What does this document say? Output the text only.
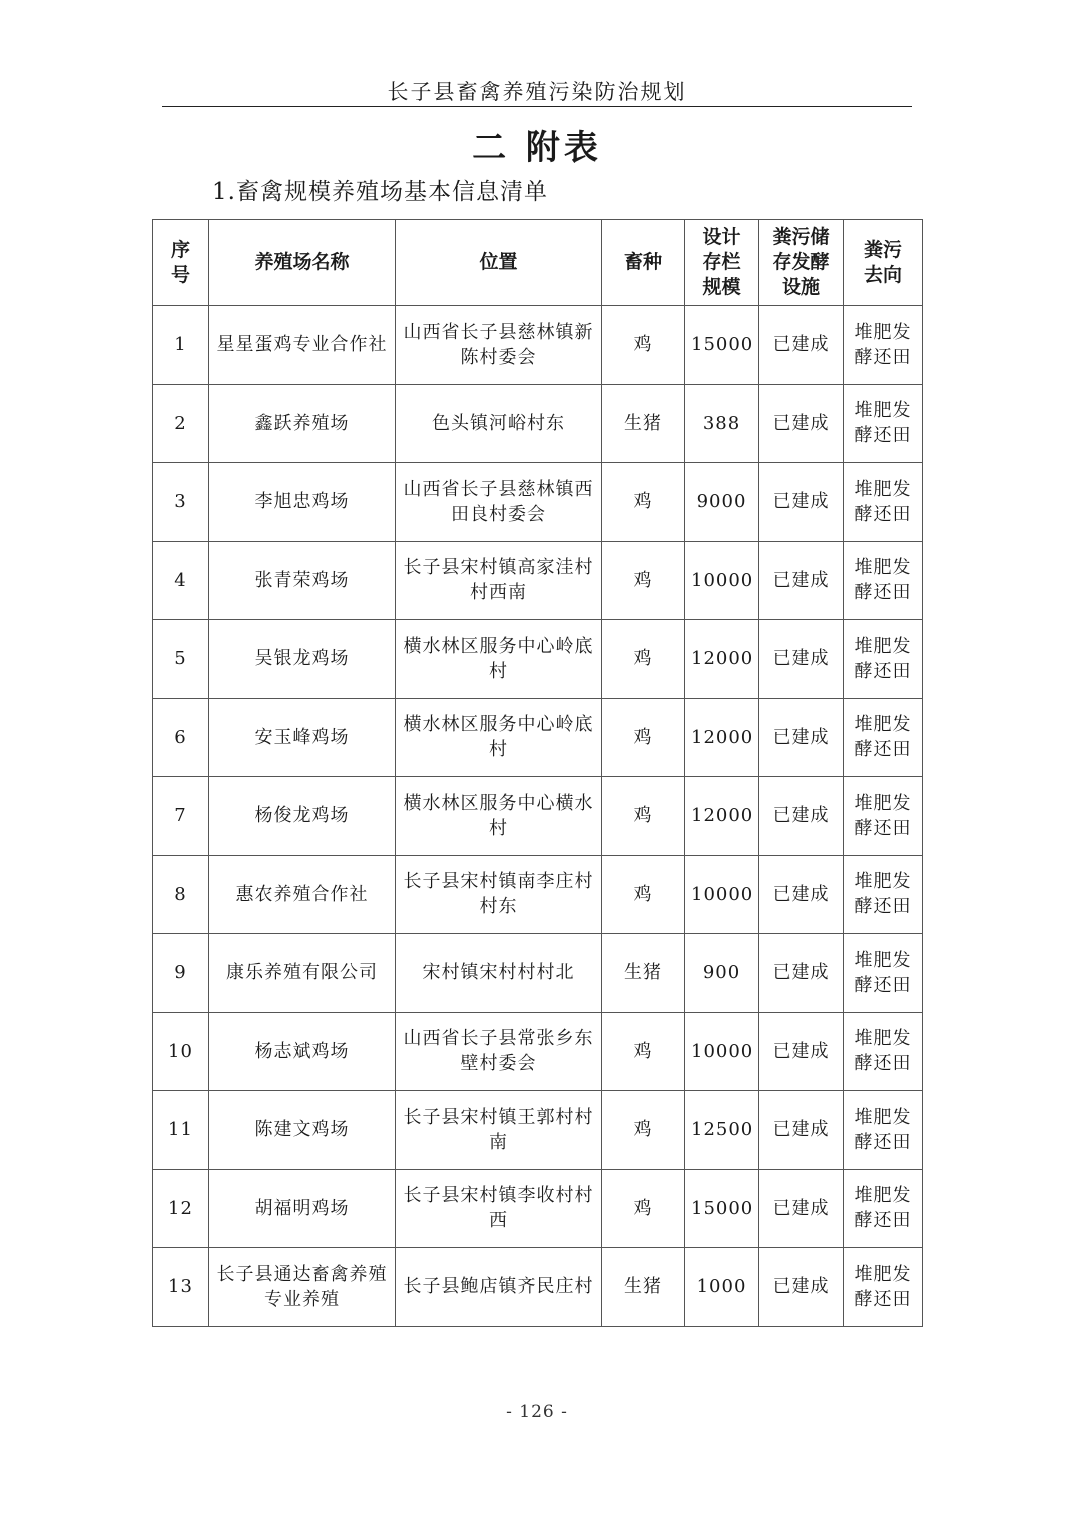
长子县畜禽养殖污染防治规划
二 附表
1.畜禽规模养殖场基本信息清单
序号	养殖场名称	位置	畜种	设计存栏规模	粪污储存发酵设施	粪污去向
1	星星蛋鸡专业合作社	山西省长子县慈林镇新陈村委会	鸡	15000	已建成	堆肥发酵还田
2	鑫跃养殖场	色头镇河峪村东	生猪	388	已建成	堆肥发酵还田
3	李旭忠鸡场	山西省长子县慈林镇西田良村委会	鸡	9000	已建成	堆肥发酵还田
4	张青荣鸡场	长子县宋村镇高家洼村村西南	鸡	10000	已建成	堆肥发酵还田
5	吴银龙鸡场	横水林区服务中心岭底村	鸡	12000	已建成	堆肥发酵还田
6	安玉峰鸡场	横水林区服务中心岭底村	鸡	12000	已建成	堆肥发酵还田
7	杨俊龙鸡场	横水林区服务中心横水村	鸡	12000	已建成	堆肥发酵还田
8	惠农养殖合作社	长子县宋村镇南李庄村村东	鸡	10000	已建成	堆肥发酵还田
9	康乐养殖有限公司	宋村镇宋村村村北	生猪	900	已建成	堆肥发酵还田
10	杨志斌鸡场	山西省长子县常张乡东壁村委会	鸡	10000	已建成	堆肥发酵还田
11	陈建文鸡场	长子县宋村镇王郭村村南	鸡	12500	已建成	堆肥发酵还田
12	胡福明鸡场	长子县宋村镇李收村村西	鸡	15000	已建成	堆肥发酵还田
13	长子县通达畜禽养殖专业养殖	长子县鲍店镇齐民庄村	生猪	1000	已建成	堆肥发酵还田
- 126 -
